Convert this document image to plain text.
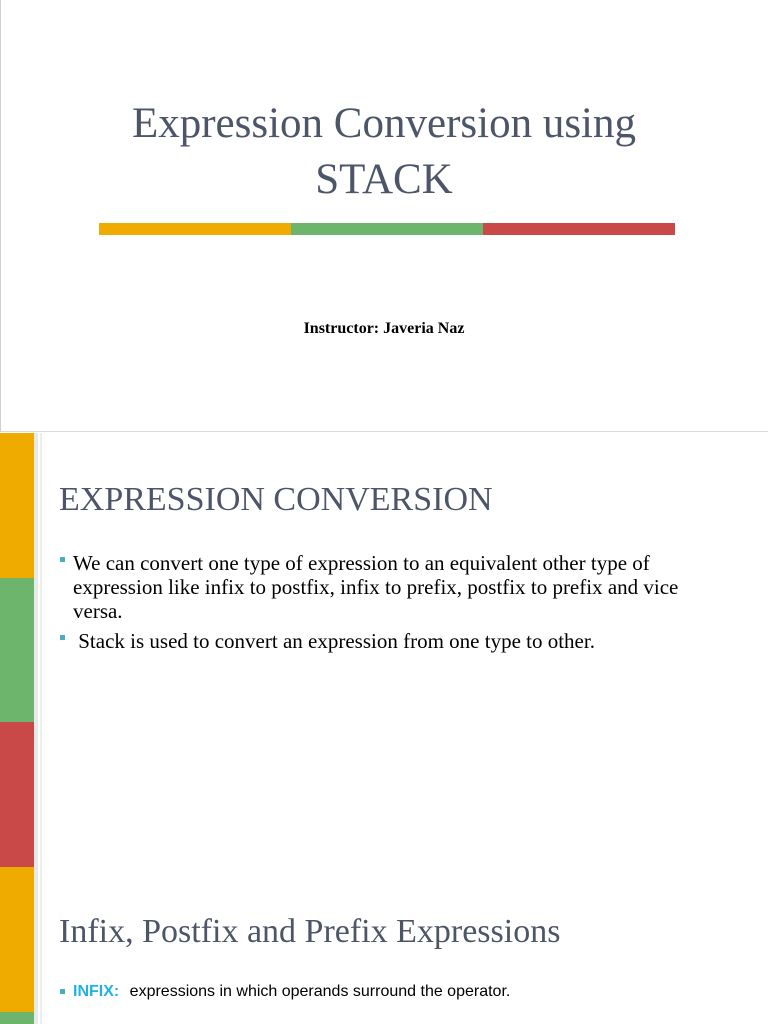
Expression Conversion using
STACK
Instructor: Javeria Naz
EXPRESSION CONVERSION
We can convert one type of expression to an equivalent other type of expression like infix to postfix, infix to prefix, postfix to prefix and vice versa.
Stack is used to convert an expression from one type to other.
Infix, Postfix and Prefix Expressions
INFIX: expressions in which operands surround the operator.
